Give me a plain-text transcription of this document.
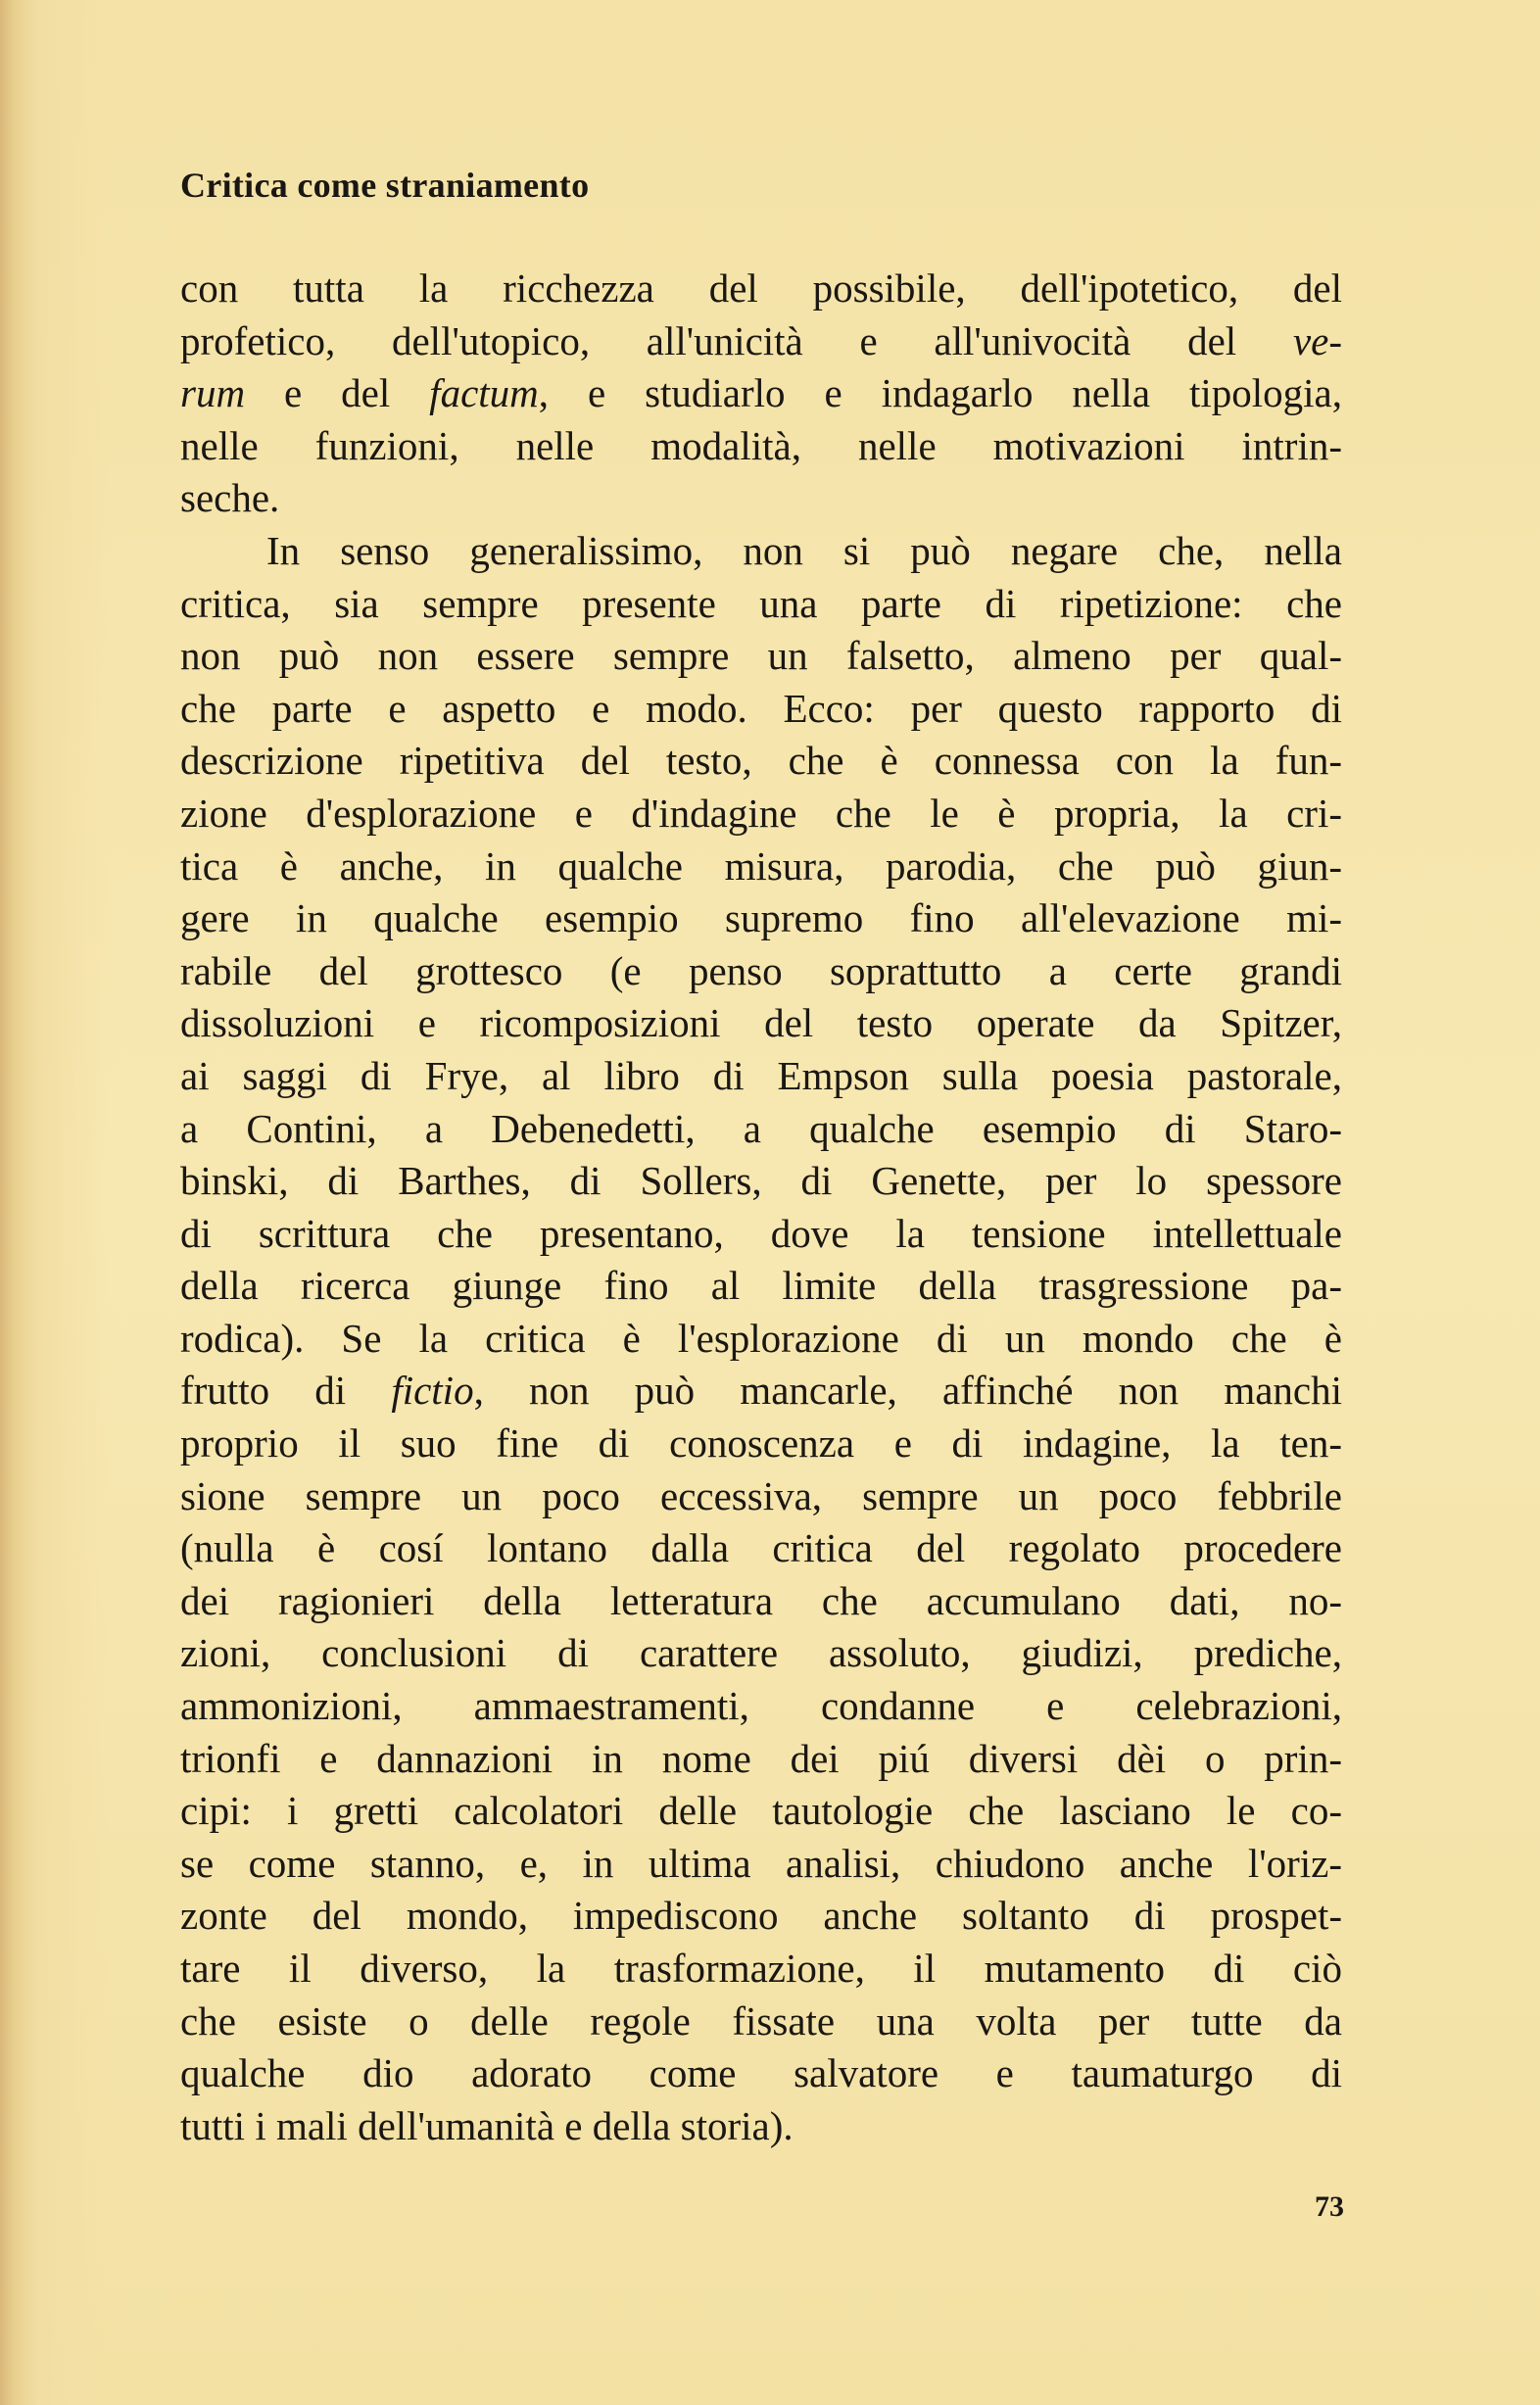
Critica come straniamento
con tutta la ricchezza del possibile, dell'ipotetico, del
profetico, dell'utopico, all'unicità e all'univocità del ve-
rum e del factum, e studiarlo e indagarlo nella tipologia,
nelle funzioni, nelle modalità, nelle motivazioni intrin-
seche.
In senso generalissimo, non si può negare che, nella
critica, sia sempre presente una parte di ripetizione: che
non può non essere sempre un falsetto, almeno per qual-
che parte e aspetto e modo. Ecco: per questo rapporto di
descrizione ripetitiva del testo, che è connessa con la fun-
zione d'esplorazione e d'indagine che le è propria, la cri-
tica è anche, in qualche misura, parodia, che può giun-
gere in qualche esempio supremo fino all'elevazione mi-
rabile del grottesco (e penso soprattutto a certe grandi
dissoluzioni e ricomposizioni del testo operate da Spitzer,
ai saggi di Frye, al libro di Empson sulla poesia pastorale,
a Contini, a Debenedetti, a qualche esempio di Staro-
binski, di Barthes, di Sollers, di Genette, per lo spessore
di scrittura che presentano, dove la tensione intellettuale
della ricerca giunge fino al limite della trasgressione pa-
rodica). Se la critica è l'esplorazione di un mondo che è
frutto di fictio, non può mancarle, affinché non manchi
proprio il suo fine di conoscenza e di indagine, la ten-
sione sempre un poco eccessiva, sempre un poco febbrile
(nulla è cosí lontano dalla critica del regolato procedere
dei ragionieri della letteratura che accumulano dati, no-
zioni, conclusioni di carattere assoluto, giudizi, prediche,
ammonizioni, ammaestramenti, condanne e celebrazioni,
trionfi e dannazioni in nome dei piú diversi dèi o prin-
cipi: i gretti calcolatori delle tautologie che lasciano le co-
se come stanno, e, in ultima analisi, chiudono anche l'oriz-
zonte del mondo, impediscono anche soltanto di prospet-
tare il diverso, la trasformazione, il mutamento di ciò
che esiste o delle regole fissate una volta per tutte da
qualche dio adorato come salvatore e taumaturgo di
tutti i mali dell'umanità e della storia).
73
